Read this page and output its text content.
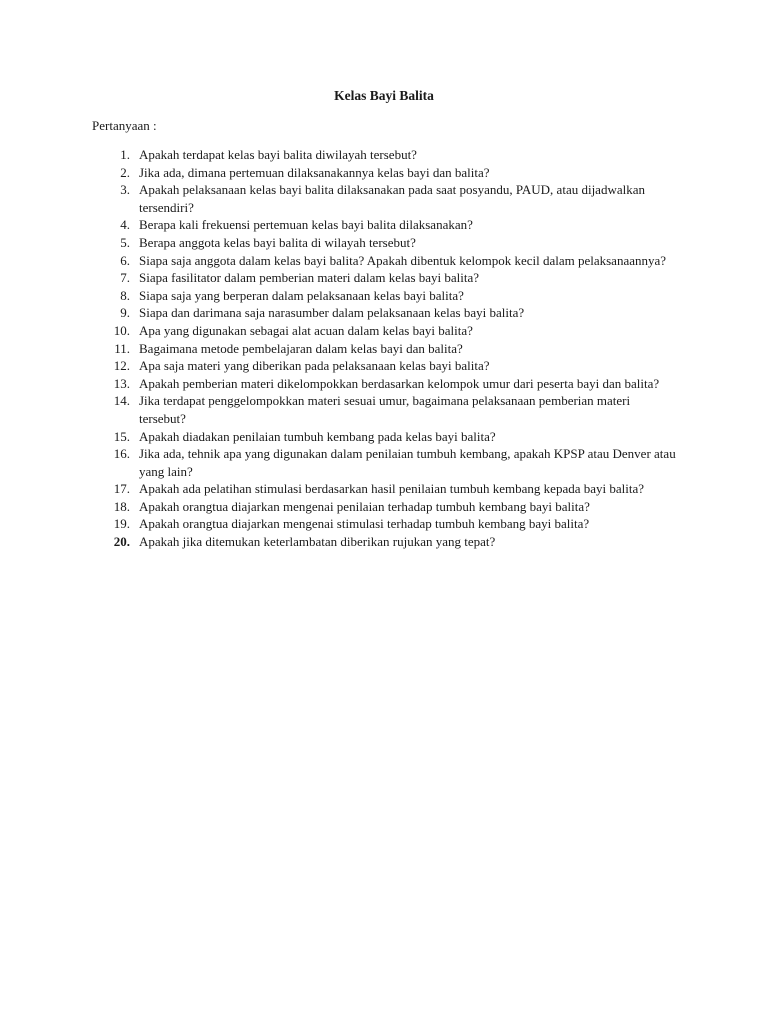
Kelas Bayi Balita
Pertanyaan :
1. Apakah terdapat kelas bayi balita diwilayah tersebut?
2. Jika ada, dimana pertemuan dilaksanakannya kelas bayi dan balita?
3. Apakah pelaksanaan kelas bayi balita dilaksanakan pada saat posyandu, PAUD, atau dijadwalkan tersendiri?
4. Berapa kali frekuensi pertemuan kelas bayi balita dilaksanakan?
5. Berapa anggota kelas bayi balita di wilayah tersebut?
6. Siapa saja anggota dalam kelas bayi balita? Apakah dibentuk kelompok kecil dalam pelaksanaannya?
7. Siapa fasilitator dalam pemberian materi dalam kelas bayi balita?
8. Siapa saja yang berperan dalam pelaksanaan kelas bayi balita?
9. Siapa dan darimana saja narasumber dalam pelaksanaan kelas bayi balita?
10. Apa yang digunakan sebagai alat acuan dalam kelas bayi balita?
11. Bagaimana metode pembelajaran dalam kelas bayi dan balita?
12. Apa saja materi yang diberikan pada pelaksanaan kelas bayi balita?
13. Apakah pemberian materi dikelompokkan berdasarkan kelompok umur dari peserta bayi dan balita?
14. Jika terdapat penggelompokkan materi sesuai umur, bagaimana pelaksanaan pemberian materi tersebut?
15. Apakah diadakan penilaian tumbuh kembang pada kelas bayi balita?
16. Jika ada, tehnik apa yang digunakan dalam penilaian tumbuh kembang, apakah KPSP atau Denver atau yang lain?
17. Apakah ada pelatihan stimulasi berdasarkan hasil penilaian tumbuh kembang kepada bayi balita?
18. Apakah orangtua diajarkan mengenai penilaian terhadap tumbuh kembang bayi balita?
19. Apakah orangtua diajarkan mengenai stimulasi terhadap tumbuh kembang bayi balita?
20. Apakah jika ditemukan keterlambatan diberikan rujukan yang tepat?
